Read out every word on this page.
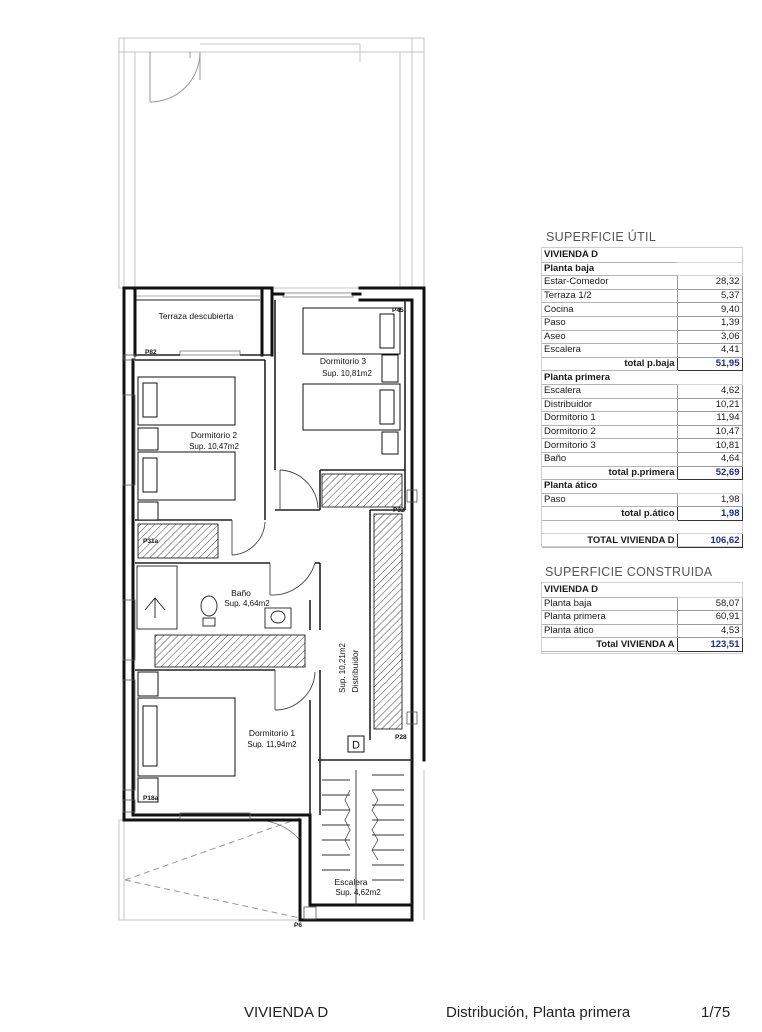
D
Terraza descubierta
Dormitorio 3
Sup. 10,81m2
Dormitorio 2
Sup. 10,47m2
Baño
Sup. 4,64m2
Distribuidor
Sup. 10,21m2
Dormitorio 1
Sup. 11,94m2
Escalera
Sup. 4,62m2
P82
P45
P31a
P28
P18a
P6
P32
SUPERFICIE ÚTIL
VIVIENDA D	
Planta baja	
Estar-Comedor	28,32
Terraza 1/2	5,37
Cocina	9,40
Paso	1,39
Aseo	3,06
Escalera	4,41
total p.baja	51,95
Planta primera	
Escalera	4,62
Distribuidor	10,21
Dormitorio 1	11,94
Dormitorio 2	10,47
Dormitorio 3	10,81
Baño	4,64
total p.primera	52,69
Planta ático	
Paso	1,98
total p.ático	1,98

TOTAL VIVIENDA D	106,62
SUPERFICIE CONSTRUIDA
VIVIENDA D	
Planta baja	58,07
Planta primera	60,91
Planta ático	4,53
Total VIVIENDA A	123,51
VIVIENDA D	Distribución, Planta primera	1/75
